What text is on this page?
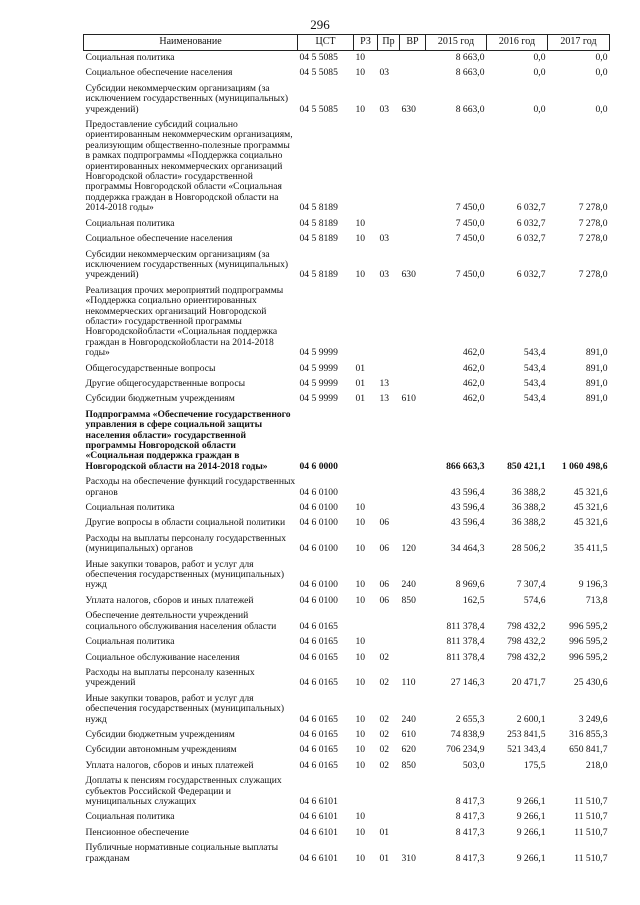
296
Наименование	ЦСТ	РЗ	Пр	ВР	2015 год	2016 год	2017 год
Социальная политика	04 5 5085	10			8 663,0	0,0	0,0
Социальное обеспечение населения	04 5 5085	10	03		8 663,0	0,0	0,0
Субсидии некоммерческим организациям (за исключением государственных (муниципальных) учреждений)	04 5 5085	10	03	630	8 663,0	0,0	0,0
Предоставление субсидий социально ориентированным некоммерческим организациям, реализующим общественно-полезные программы в рамках подпрограммы «Поддержка социально ориентированных некоммерческих организаций Новгородской области» государственной программы Новгородской области «Социальная поддержка граждан в Новгородской области на 2014-2018 годы»	04 5 8189				7 450,0	6 032,7	7 278,0
Социальная политика	04 5 8189	10			7 450,0	6 032,7	7 278,0
Социальное обеспечение населения	04 5 8189	10	03		7 450,0	6 032,7	7 278,0
Субсидии некоммерческим организациям (за исключением государственных (муниципальных) учреждений)	04 5 8189	10	03	630	7 450,0	6 032,7	7 278,0
Реализация прочих мероприятий подпрограммы «Поддержка социально ориентированных некоммерческих организаций Новгородской области» государственной программы Новгородскойобласти «Социальная поддержка граждан в Новгородскойобласти на 2014-2018 годы»	04 5 9999				462,0	543,4	891,0
Общегосударственные вопросы	04 5 9999	01			462,0	543,4	891,0
Другие общегосударственные вопросы	04 5 9999	01	13		462,0	543,4	891,0
Субсидии бюджетным учреждениям	04 5 9999	01	13	610	462,0	543,4	891,0
Подпрограмма «Обеспечение государственного управления в сфере социальной защиты населения области» государственной программы Новгородской области «Социальная поддержка граждан в Новгородской области на 2014-2018 годы»	04 6 0000				866 663,3	850 421,1	1 060 498,6
Расходы на обеспечение функций государственных органов	04 6 0100				43 596,4	36 388,2	45 321,6
Социальная политика	04 6 0100	10			43 596,4	36 388,2	45 321,6
Другие вопросы в области социальной политики	04 6 0100	10	06		43 596,4	36 388,2	45 321,6
Расходы на выплаты персоналу государственных (муниципальных) органов	04 6 0100	10	06	120	34 464,3	28 506,2	35 411,5
Иные закупки товаров, работ и услуг для обеспечения государственных (муниципальных) нужд	04 6 0100	10	06	240	8 969,6	7 307,4	9 196,3
Уплата налогов, сборов и иных платежей	04 6 0100	10	06	850	162,5	574,6	713,8
Обеспечение деятельности учреждений социального обслуживания населения области	04 6 0165				811 378,4	798 432,2	996 595,2
Социальная политика	04 6 0165	10			811 378,4	798 432,2	996 595,2
Социальное обслуживание населения	04 6 0165	10	02		811 378,4	798 432,2	996 595,2
Расходы на выплаты персоналу казенных учреждений	04 6 0165	10	02	110	27 146,3	20 471,7	25 430,6
Иные закупки товаров, работ и услуг для обеспечения государственных (муниципальных) нужд	04 6 0165	10	02	240	2 655,3	2 600,1	3 249,6
Субсидии бюджетным учреждениям	04 6 0165	10	02	610	74 838,9	253 841,5	316 855,3
Субсидии автономным учреждениям	04 6 0165	10	02	620	706 234,9	521 343,4	650 841,7
Уплата налогов, сборов и иных платежей	04 6 0165	10	02	850	503,0	175,5	218,0
Доплаты к пенсиям государственных служащих субъектов Российской Федерации и муниципальных служащих	04 6 6101				8 417,3	9 266,1	11 510,7
Социальная политика	04 6 6101	10			8 417,3	9 266,1	11 510,7
Пенсионное обеспечение	04 6 6101	10	01		8 417,3	9 266,1	11 510,7
Публичные нормативные социальные выплаты гражданам	04 6 6101	10	01	310	8 417,3	9 266,1	11 510,7
